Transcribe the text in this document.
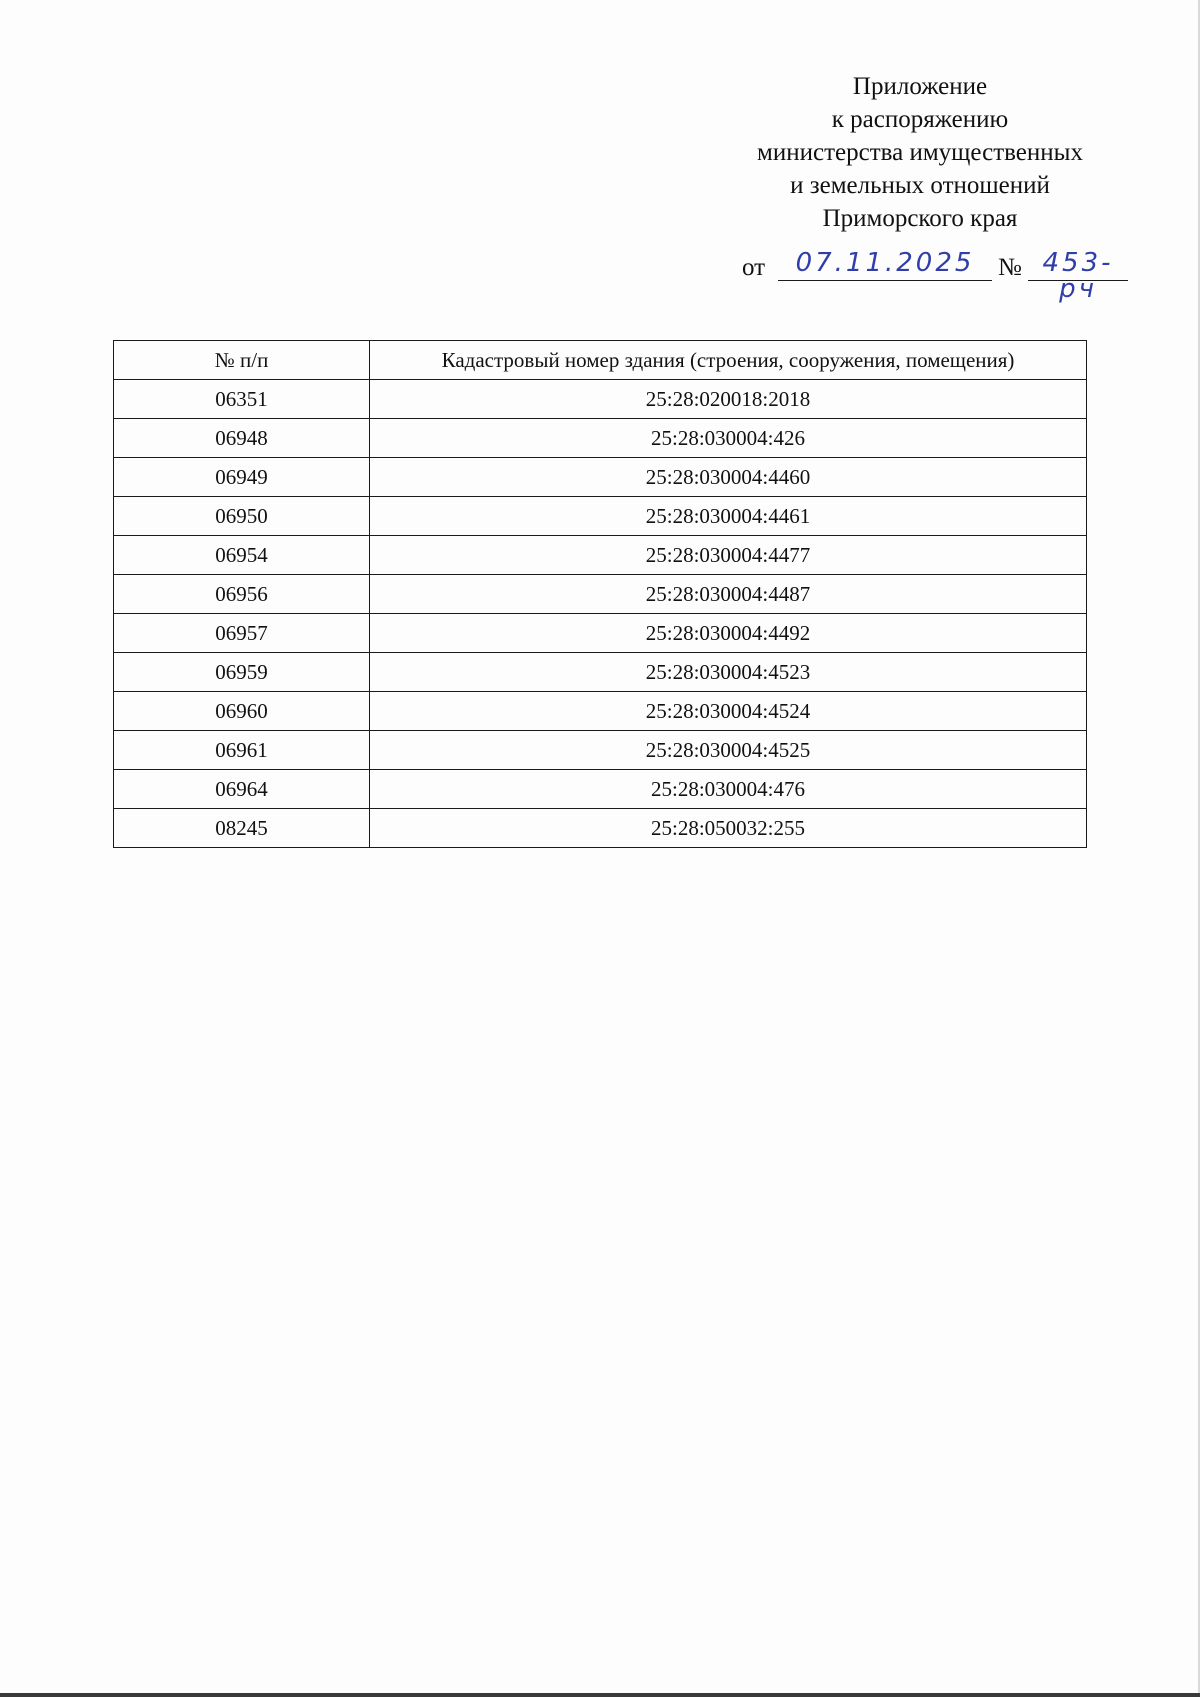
Приложение
к распоряжению
министерства имущественных
и земельных отношений
Приморского края
от	07.11.2025 № 453-рч
№ п/п	Кадастровый номер здания (строения, сооружения, помещения)
06351	25:28:020018:2018
06948	25:28:030004:426
06949	25:28:030004:4460
06950	25:28:030004:4461
06954	25:28:030004:4477
06956	25:28:030004:4487
06957	25:28:030004:4492
06959	25:28:030004:4523
06960	25:28:030004:4524
06961	25:28:030004:4525
06964	25:28:030004:476
08245	25:28:050032:255
